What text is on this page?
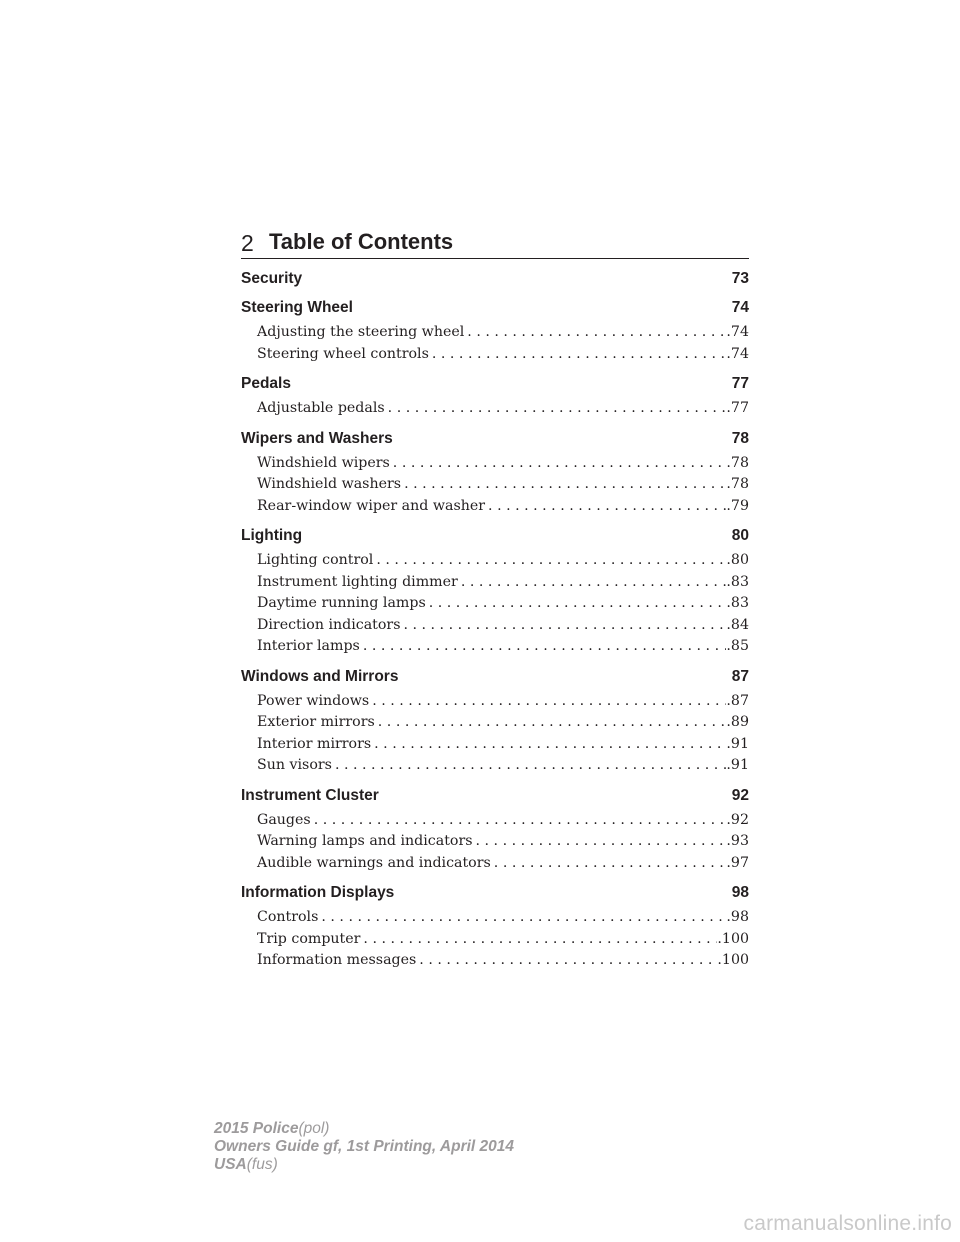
2 Table of Contents
Security	73
Steering Wheel	74
Adjusting the steering wheel . . .	.74
Steering wheel controls . . .	.74
Pedals	77
Adjustable pedals . . .	.77
Wipers and Washers	78
Windshield wipers . . .	.78
Windshield washers . . .	.78
Rear-window wiper and washer . . .	.79
Lighting	80
Lighting control . . .	.80
Instrument lighting dimmer . . .	.83
Daytime running lamps . . .	.83
Direction indicators . . .	.84
Interior lamps . . .	.85
Windows and Mirrors	87
Power windows . . .	.87
Exterior mirrors . . .	.89
Interior mirrors . . .	.91
Sun visors . . .	.91
Instrument Cluster	92
Gauges . . .	.92
Warning lamps and indicators . . .	.93
Audible warnings and indicators . . .	.97
Information Displays	98
Controls . . .	.98
Trip computer . . .	.100
Information messages . . .	.100
2015 Police(pol)
Owners Guide gf, 1st Printing, April 2014
USA(fus)
carmanualsonline.info
